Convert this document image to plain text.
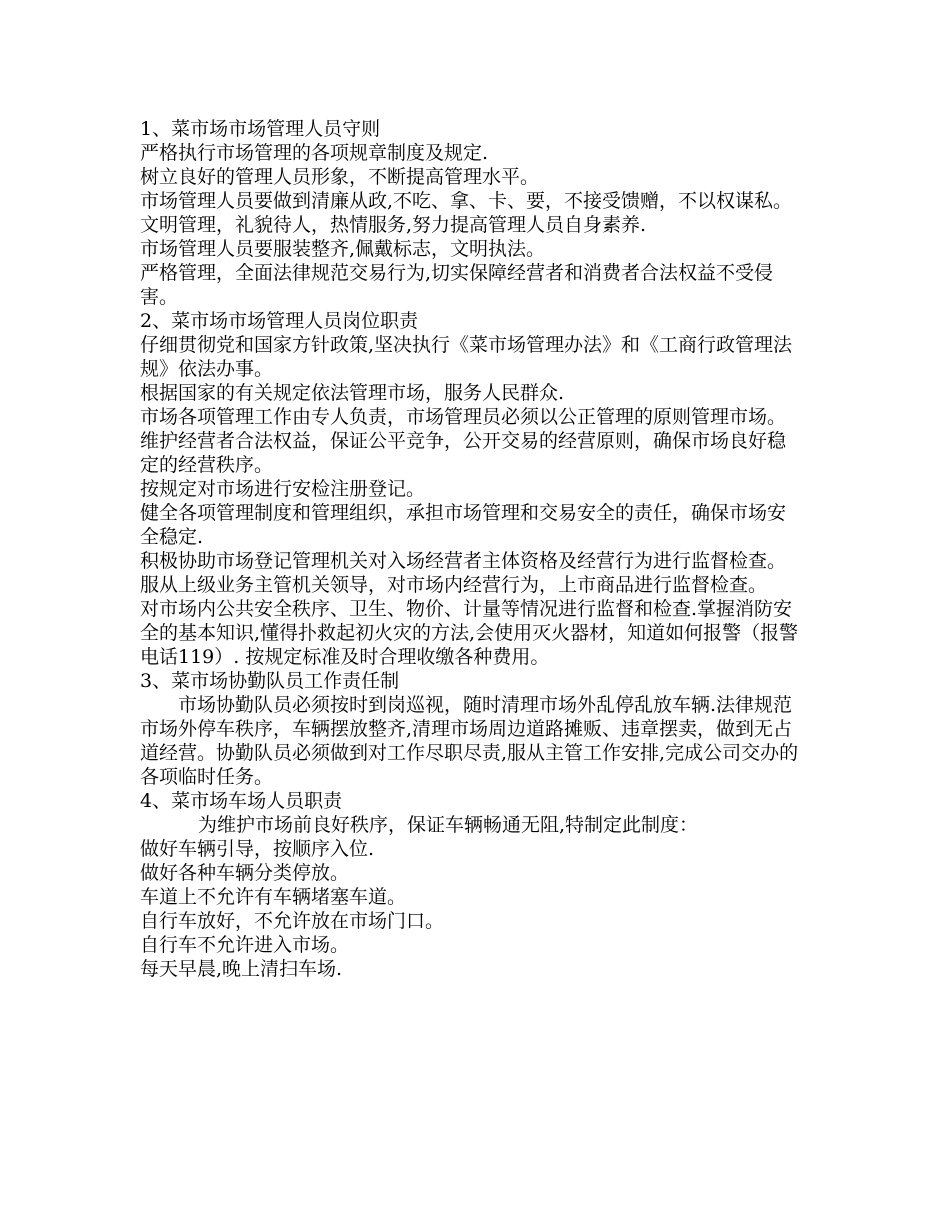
1、菜市场市场管理人员守则

严格执行市场管理的各项规章制度及规定.

树立良好的管理人员形象，不断提高管理水平。

市场管理人员要做到清廉从政,不吃、拿、卡、要，不接受馈赠，不以权谋私。

文明管理，礼貌待人，热情服务,努力提高管理人员自身素养.

市场管理人员要服装整齐,佩戴标志，文明执法。

严格管理，全面法律规范交易行为,切实保障经营者和消费者合法权益不受侵害。

2、菜市场市场管理人员岗位职责

仔细贯彻党和国家方针政策,坚决执行《菜市场管理办法》和《工商行政管理法规》依法办事。

根据国家的有关规定依法管理市场，服务人民群众.

市场各项管理工作由专人负责，市场管理员必须以公正管理的原则管理市场。

维护经营者合法权益，保证公平竞争，公开交易的经营原则，确保市场良好稳定的经营秩序。

按规定对市场进行安检注册登记。

健全各项管理制度和管理组织，承担市场管理和交易安全的责任，确保市场安全稳定.

积极协助市场登记管理机关对入场经营者主体资格及经营行为进行监督检查。

服从上级业务主管机关领导，对市场内经营行为，上市商品进行监督检查。

对市场内公共安全秩序、卫生、物价、计量等情况进行监督和检查.掌握消防安全的基本知识,懂得扑救起初火灾的方法,会使用灭火器材，知道如何报警（报警电话119）. 按规定标准及时合理收缴各种费用。

3、菜市场协勤队员工作责任制

市场协勤队员必须按时到岗巡视，随时清理市场外乱停乱放车辆.法律规范市场外停车秩序，车辆摆放整齐,清理市场周边道路摊贩、违章摆卖，做到无占道经营。协勤队员必须做到对工作尽职尽责,服从主管工作安排,完成公司交办的各项临时任务。

4、菜市场车场人员职责

为维护市场前良好秩序，保证车辆畅通无阻,特制定此制度：

做好车辆引导，按顺序入位.

做好各种车辆分类停放。

车道上不允许有车辆堵塞车道。

自行车放好，不允许放在市场门口。

自行车不允许进入市场。

每天早晨,晚上清扫车场.
